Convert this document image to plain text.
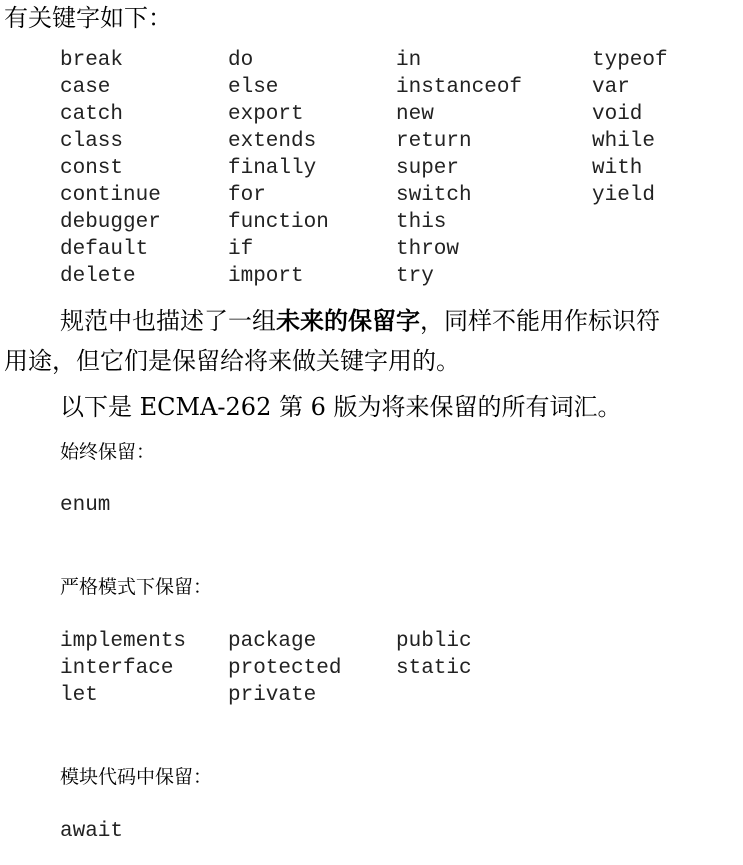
有关键字如下：
break	do	in	typeof
case	else	instanceof	var
catch	export	new	void
class	extends	return	while
const	finally	super	with
continue	for	switch	yield
debugger	function	this
default	if	throw
delete	import	try
规范中也描述了一组未来的保留字，同样不能用作标识符
用途，但它们是保留给将来做关键字用的。
以下是 ECMA-262 第 6 版为将来保留的所有词汇。
始终保留：
enum
严格模式下保留：
implements package	public
interface	protected	static
let	private
模块代码中保留：
await
